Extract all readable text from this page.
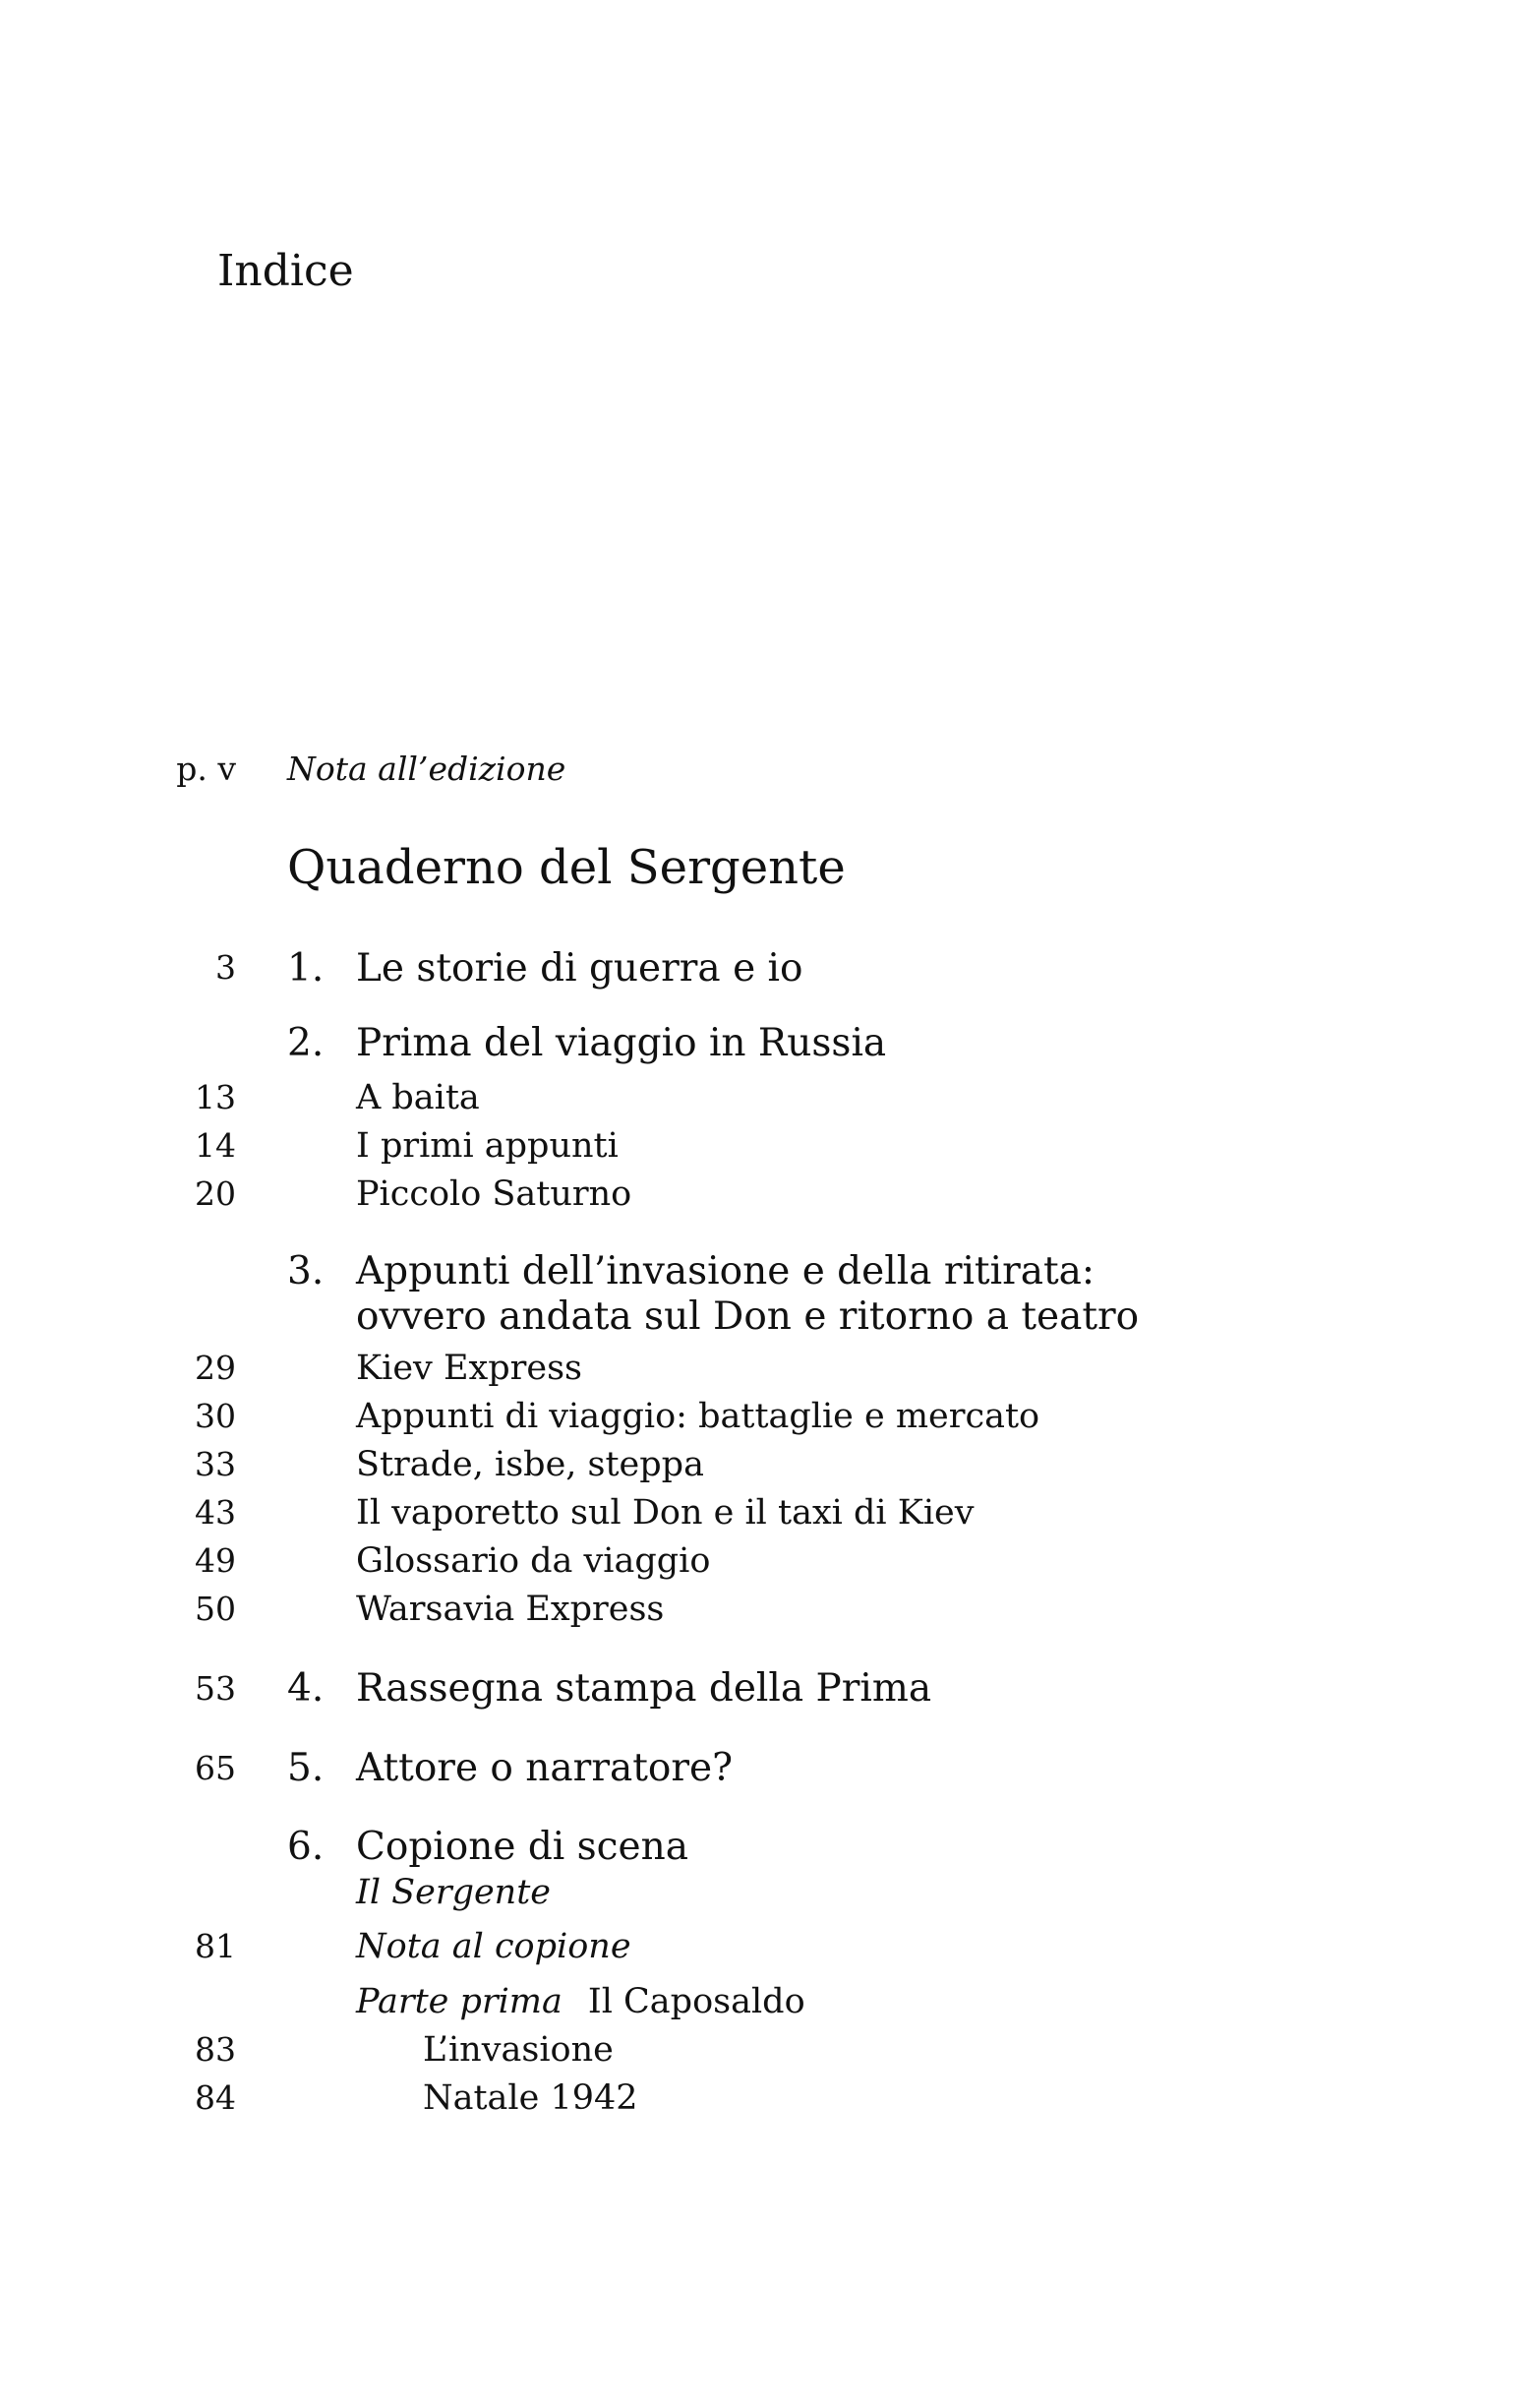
Indice
p. v Nota all’edizione
Quaderno del Sergente
3 1. Le storie di guerra e io
2. Prima del viaggio in Russia
13	A baita
14	I primi appunti
20	Piccolo Saturno
3. Appunti dell’invasione e della ritirata:
ovvero andata sul Don e ritorno a teatro
29	Kiev Express
30	Appunti di viaggio: battaglie e mercato
33	Strade, isbe, steppa
43	Il vaporetto sul Don e il taxi di Kiev
49	Glossario da viaggio
50	Warsavia Express
53 4. Rassegna stampa della Prima
65 5. Attore o narratore?
6. Copione di scena
Il Sergente
81	Nota al copione
Parte prima Il Caposaldo
83	L’invasione
84	Natale 1942
